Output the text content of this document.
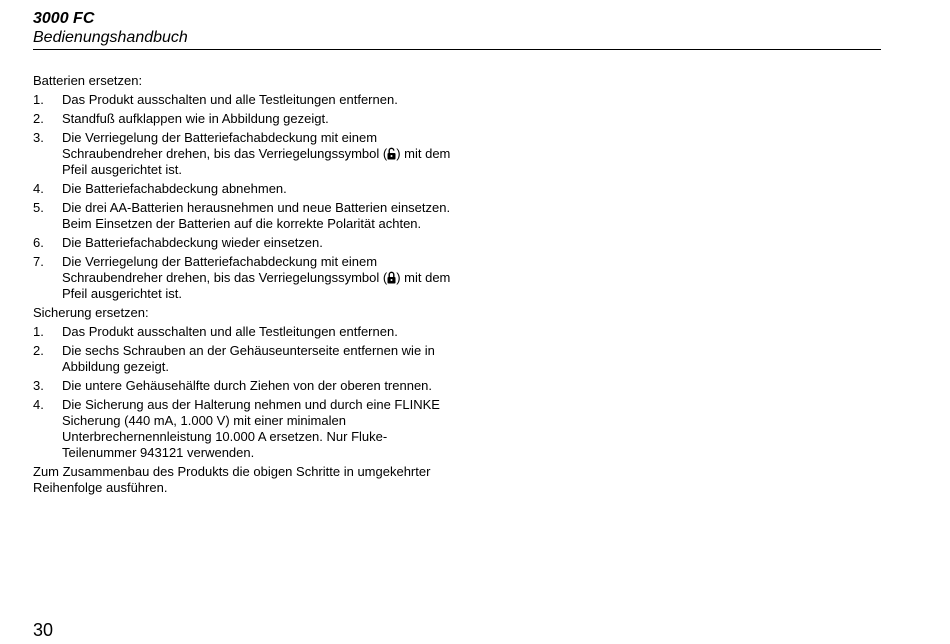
3000 FC
Bedienungshandbuch

Batterien ersetzen:

1.	Das Produkt ausschalten und alle Testleitungen entfernen.
2.	Standfuß aufklappen wie in Abbildung gezeigt.
3.	Die Verriegelung der Batteriefachabdeckung mit einem Schraubendreher drehen, bis das Verriegelungssymbol ( ) mit dem Pfeil ausgerichtet ist.
4.	Die Batteriefachabdeckung abnehmen.
5.	Die drei AA-Batterien herausnehmen und neue Batterien einsetzen. Beim Einsetzen der Batterien auf die korrekte Polarität achten.
6.	Die Batteriefachabdeckung wieder einsetzen.
7.	Die Verriegelung der Batteriefachabdeckung mit einem Schraubendreher drehen, bis das Verriegelungssymbol ( ) mit dem Pfeil ausgerichtet ist.

Sicherung ersetzen:

1.	Das Produkt ausschalten und alle Testleitungen entfernen.
2.	Die sechs Schrauben an der Gehäuseunterseite entfernen wie in Abbildung gezeigt.
3.	Die untere Gehäusehälfte durch Ziehen von der oberen trennen.
4.	Die Sicherung aus der Halterung nehmen und durch eine FLINKE Sicherung (440 mA, 1.000 V) mit einer minimalen Unterbrechernennleistung 10.000 A ersetzen. Nur Fluke-Teilenummer 943121 verwenden.

Zum Zusammenbau des Produkts die obigen Schritte in umgekehrter Reihenfolge ausführen.

30
